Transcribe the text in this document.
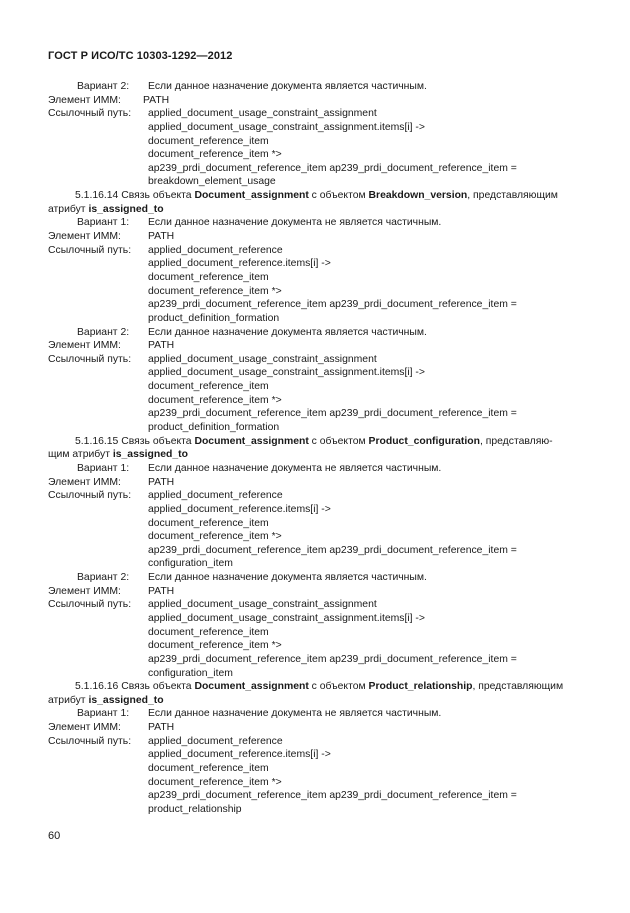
ГОСТ Р ИСО/ТС 10303-1292—2012
Вариант 2: Если данное назначение документа является частичным.
Элемент ИММ: PATH
Ссылочный путь: applied_document_usage_constraint_assignment
applied_document_usage_constraint_assignment.items[i] ->
document_reference_item
document_reference_item *>
ap239_prdi_document_reference_item ap239_prdi_document_reference_item =
breakdown_element_usage
5.1.16.14 Связь объекта Document_assignment с объектом Breakdown_version, представляющим
атрибут is_assigned_to
Вариант 1: Если данное назначение документа не является частичным.
Элемент ИММ:	PATH
Ссылочный путь: applied_document_reference
applied_document_reference.items[i] ->
document_reference_item
document_reference_item *>
ap239_prdi_document_reference_item ap239_prdi_document_reference_item =
product_definition_formation
Вариант 2: Если данное назначение документа является частичным.
Элемент ИММ:	PATH
Ссылочный путь: applied_document_usage_constraint_assignment
applied_document_usage_constraint_assignment.items[i] ->
document_reference_item
document_reference_item *>
ap239_prdi_document_reference_item ap239_prdi_document_reference_item =
product_definition_formation
5.1.16.15 Связь объекта Document_assignment с объектом Product_configuration, представляю-
щим атрибут is_assigned_to
Вариант 1: Если данное назначение документа не является частичным.
Элемент ИММ:	PATH
Ссылочный путь: applied_document_reference
applied_document_reference.items[i] ->
document_reference_item
document_reference_item *>
ap239_prdi_document_reference_item ap239_prdi_document_reference_item =
configuration_item
Вариант 2: Если данное назначение документа является частичным.
Элемент ИММ:	PATH
Ссылочный путь: applied_document_usage_constraint_assignment
applied_document_usage_constraint_assignment.items[i] ->
document_reference_item
document_reference_item *>
ap239_prdi_document_reference_item ap239_prdi_document_reference_item =
configuration_item
5.1.16.16 Связь объекта Document_assignment с объектом Product_relationship, представляющим
атрибут is_assigned_to
Вариант 1: Если данное назначение документа не является частичным.
Элемент ИММ:	PATH
Ссылочный путь: applied_document_reference
applied_document_reference.items[i] ->
document_reference_item
document_reference_item *>
ap239_prdi_document_reference_item ap239_prdi_document_reference_item =
product_relationship
60
